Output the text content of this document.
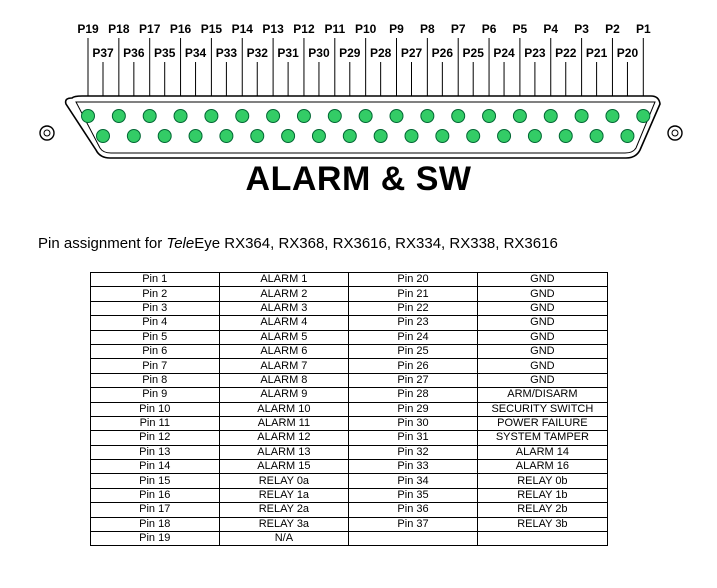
P19 P18 P17 P16 P15 P14 P13 P12 P11 P10 P9 P8 P7 P6 P5 P4 P3 P2 P1
P37 P36 P35 P34 P33 P32 P31 P30 P29 P28 P27 P26 P25 P24 P23 P22 P21 P20
ALARM & SW
Pin assignment for TeleEye RX364, RX368, RX3616, RX334, RX338, RX3616
Pin 1	ALARM 1	Pin 20	GND
Pin 2	ALARM 2	Pin 21	GND
Pin 3	ALARM 3	Pin 22	GND
Pin 4	ALARM 4	Pin 23	GND
Pin 5	ALARM 5	Pin 24	GND
Pin 6	ALARM 6	Pin 25	GND
Pin 7	ALARM 7	Pin 26	GND
Pin 8	ALARM 8	Pin 27	GND
Pin 9	ALARM 9	Pin 28	ARM/DISARM
Pin 10	ALARM 10	Pin 29	SECURITY SWITCH
Pin 11	ALARM 11	Pin 30	POWER FAILURE
Pin 12	ALARM 12	Pin 31	SYSTEM TAMPER
Pin 13	ALARM 13	Pin 32	ALARM 14
Pin 14	ALARM 15	Pin 33	ALARM 16
Pin 15	RELAY 0a	Pin 34	RELAY 0b
Pin 16	RELAY 1a	Pin 35	RELAY 1b
Pin 17	RELAY 2a	Pin 36	RELAY 2b
Pin 18	RELAY 3a	Pin 37	RELAY 3b
Pin 19	N/A		
